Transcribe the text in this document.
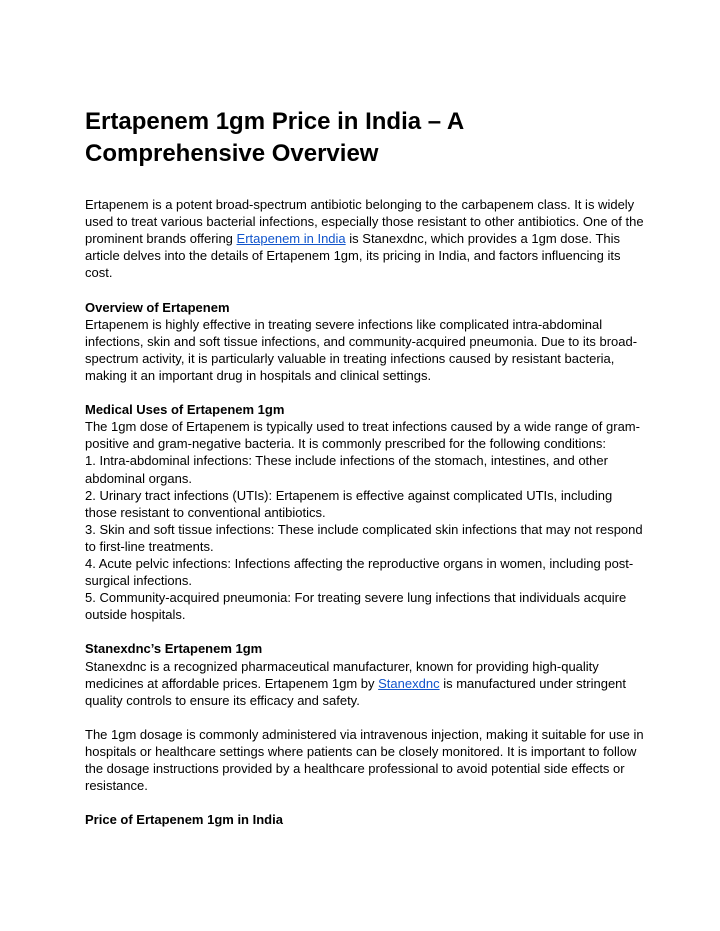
Ertapenem 1gm Price in India – A Comprehensive Overview

Ertapenem is a potent broad-spectrum antibiotic belonging to the carbapenem class. It is widely used to treat various bacterial infections, especially those resistant to other antibiotics. One of the prominent brands offering Ertapenem in India is Stanexdnc, which provides a 1gm dose. This article delves into the details of Ertapenem 1gm, its pricing in India, and factors influencing its cost.

Overview of Ertapenem
Ertapenem is highly effective in treating severe infections like complicated intra-abdominal infections, skin and soft tissue infections, and community-acquired pneumonia. Due to its broad-spectrum activity, it is particularly valuable in treating infections caused by resistant bacteria, making it an important drug in hospitals and clinical settings.

Medical Uses of Ertapenem 1gm
The 1gm dose of Ertapenem is typically used to treat infections caused by a wide range of gram-positive and gram-negative bacteria. It is commonly prescribed for the following conditions:
1. Intra-abdominal infections: These include infections of the stomach, intestines, and other abdominal organs.
2. Urinary tract infections (UTIs): Ertapenem is effective against complicated UTIs, including those resistant to conventional antibiotics.
3. Skin and soft tissue infections: These include complicated skin infections that may not respond to first-line treatments.
4. Acute pelvic infections: Infections affecting the reproductive organs in women, including post-surgical infections.
5. Community-acquired pneumonia: For treating severe lung infections that individuals acquire outside hospitals.

Stanexdnc’s Ertapenem 1gm
Stanexdnc is a recognized pharmaceutical manufacturer, known for providing high-quality medicines at affordable prices. Ertapenem 1gm by Stanexdnc is manufactured under stringent quality controls to ensure its efficacy and safety.

The 1gm dosage is commonly administered via intravenous injection, making it suitable for use in hospitals or healthcare settings where patients can be closely monitored. It is important to follow the dosage instructions provided by a healthcare professional to avoid potential side effects or resistance.

Price of Ertapenem 1gm in India
